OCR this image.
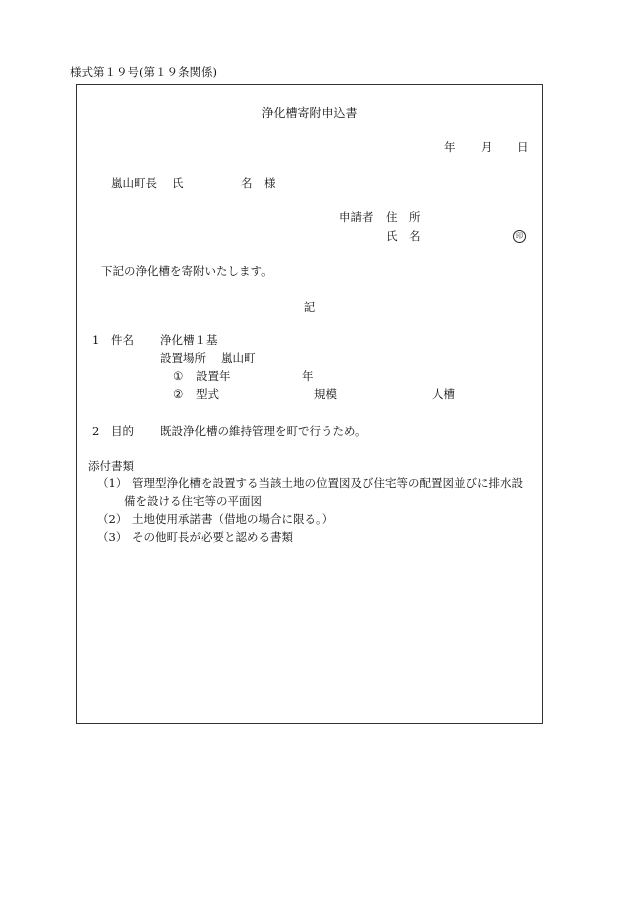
様式第１９号(第１９条関係)
浄化槽寄附申込書
年 月 日
嵐山町長 氏	名　様
申請者 住　所
氏　名	印
下記の浄化槽を寄附いたします。
記
1 件名 浄化槽１基
設置場所 嵐山町
① 設置年	年
② 型式	規模	人槽
2 目的 既設浄化槽の維持管理を町で行うため。
添付書類
（1） 管理型浄化槽を設置する当該土地の位置図及び住宅等の配置図並びに排水設
備を設ける住宅等の平面図
（2） 土地使用承諾書（借地の場合に限る。）
（3） その他町長が必要と認める書類
